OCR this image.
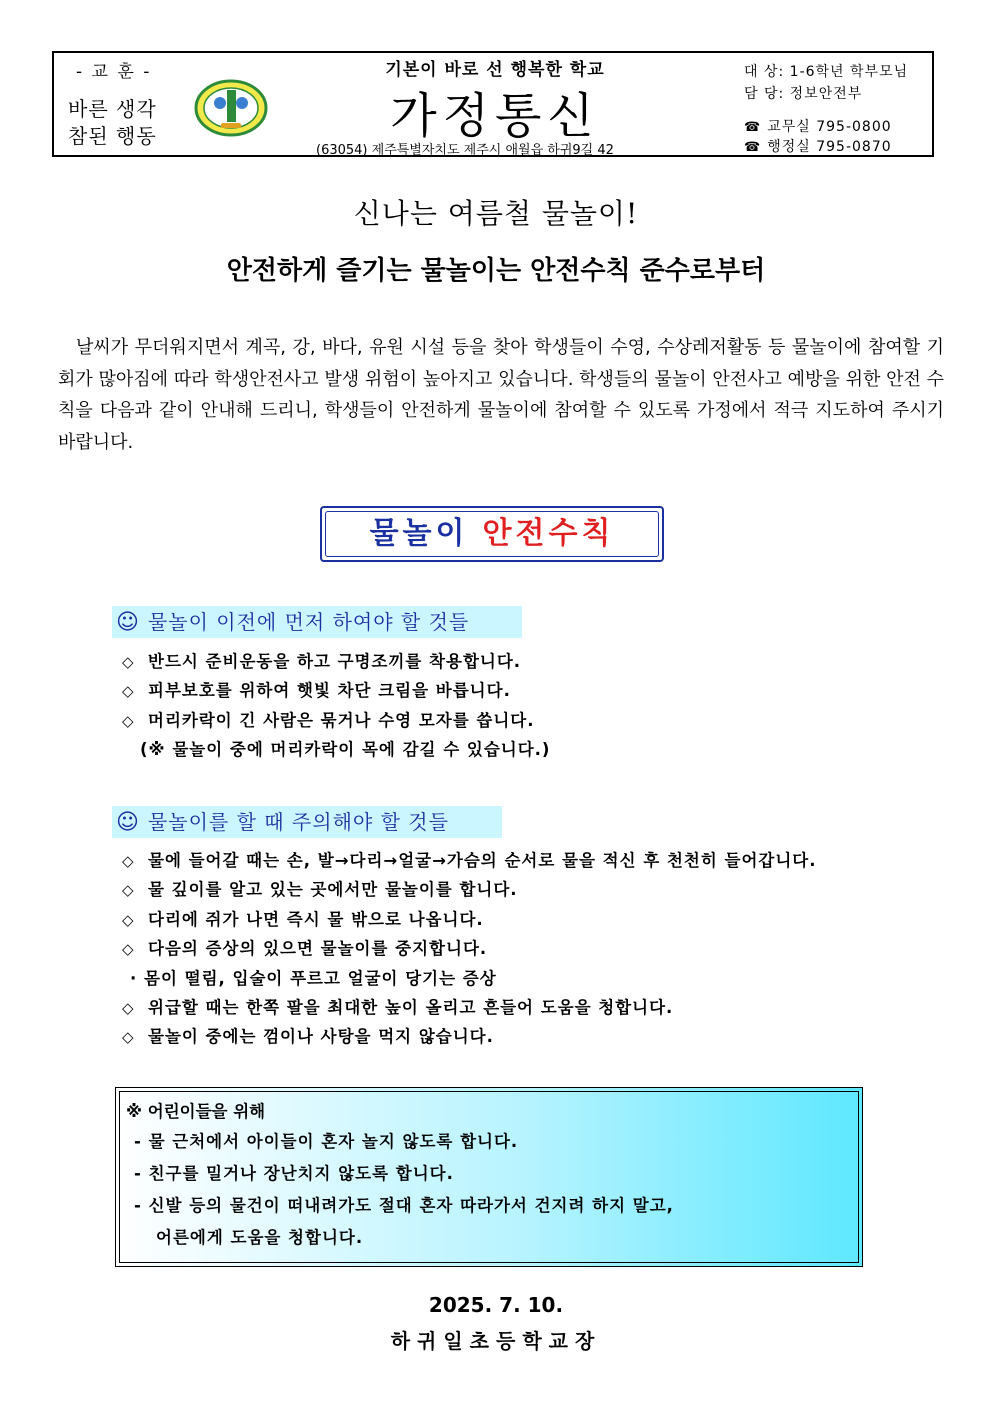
- 교 훈 -
바른 생각
참된 행동
기본이 바로 선 행복한 학교
가정통신
(63054) 제주특별자치도 제주시 애월읍 하귀9길 42
대 상: 1-6학년 학부모님
담 당: 정보안전부
☎ 교무실 795-0800
☎ 행정실 795-0870
신나는 여름철 물놀이!
안전하게 즐기는 물놀이는 안전수칙 준수로부터
날씨가 무더워지면서 계곡, 강, 바다, 유원 시설 등을 찾아 학생들이 수영, 수상레저활동 등 물놀이에 참여할 기회가 많아짐에 따라 학생안전사고 발생 위험이 높아지고 있습니다. 학생들의 물놀이 안전사고 예방을 위한 안전 수칙을 다음과 같이 안내해 드리니, 학생들이 안전하게 물놀이에 참여할 수 있도록 가정에서 적극 지도하여 주시기 바랍니다.
물놀이 안전수칙
☺ 물놀이 이전에 먼저 하여야 할 것들
◇ 반드시 준비운동을 하고 구명조끼를 착용합니다.
◇ 피부보호를 위하여 햇빛 차단 크림을 바릅니다.
◇ 머리카락이 긴 사람은 묶거나 수영 모자를 씁니다.
(※ 물놀이 중에 머리카락이 목에 감길 수 있습니다.)
☺ 물놀이를 할 때 주의해야 할 것들
◇ 물에 들어갈 때는 손, 발→다리→얼굴→가슴의 순서로 물을 적신 후 천천히 들어갑니다.
◇ 물 깊이를 알고 있는 곳에서만 물놀이를 합니다.
◇ 다리에 쥐가 나면 즉시 물 밖으로 나옵니다.
◇ 다음의 증상의 있으면 물놀이를 중지합니다.
· 몸이 떨림, 입술이 푸르고 얼굴이 당기는 증상
◇ 위급할 때는 한쪽 팔을 최대한 높이 올리고 흔들어 도움을 청합니다.
◇ 물놀이 중에는 껌이나 사탕을 먹지 않습니다.
※ 어린이들을 위해
- 물 근처에서 아이들이 혼자 놀지 않도록 합니다.
- 친구를 밀거나 장난치지 않도록 합니다.
- 신발 등의 물건이 떠내려가도 절대 혼자 따라가서 건지려 하지 말고,
어른에게 도움을 청합니다.
2025. 7. 10.
하귀일초등학교장
